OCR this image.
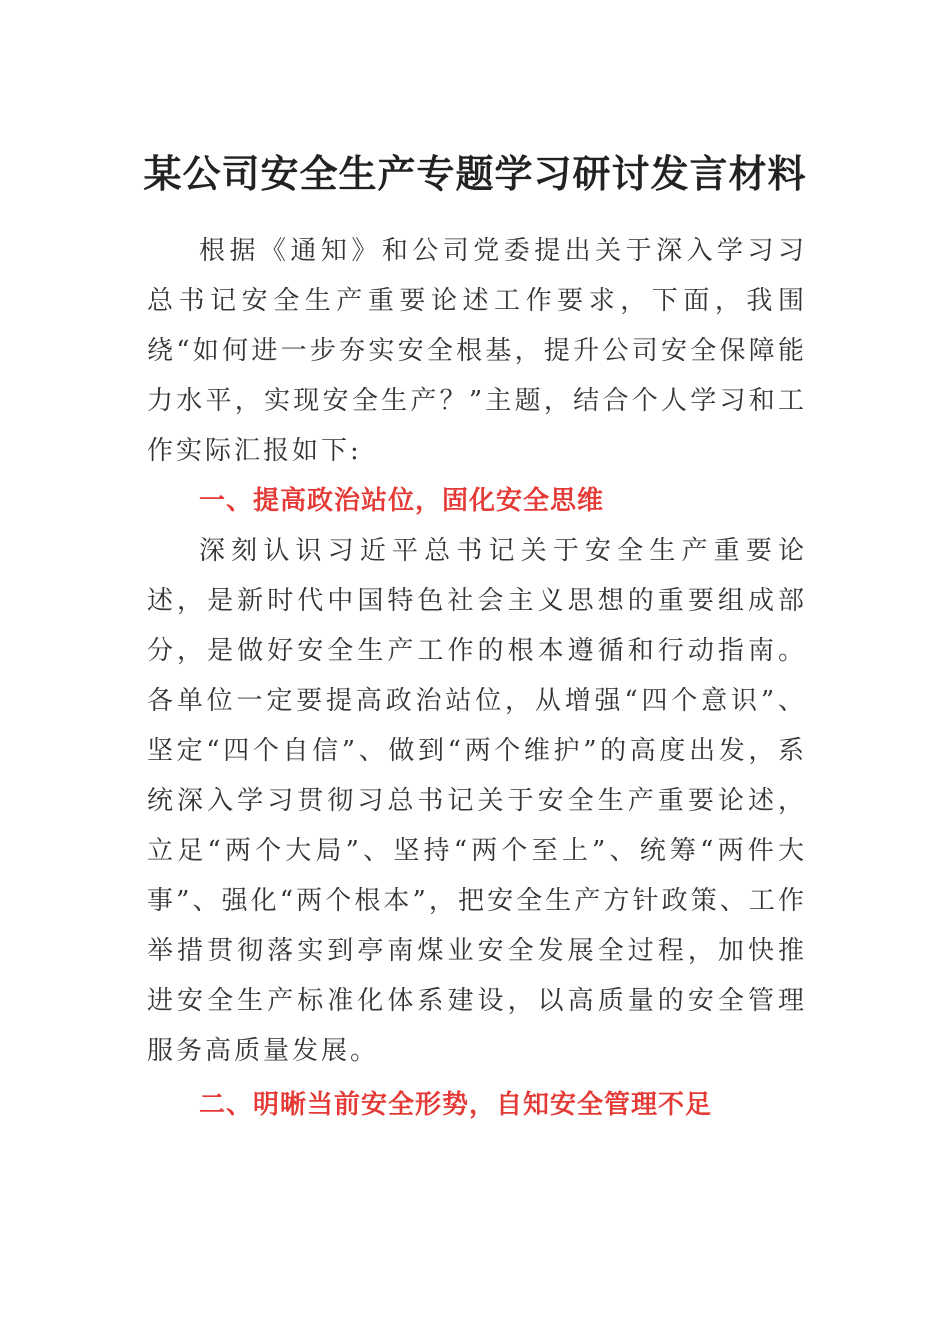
某公司安全生产专题学习研讨发言材料

根据《通知》和公司党委提出关于深入学习习总书记安全生产重要论述工作要求，下面，我围绕“如何进一步夯实安全根基，提升公司安全保障能力水平，实现安全生产？”主题，结合个人学习和工作实际汇报如下:

一、提高政治站位，固化安全思维

深刻认识习近平总书记关于安全生产重要论述，是新时代中国特色社会主义思想的重要组成部分，是做好安全生产工作的根本遵循和行动指南。各单位一定要提高政治站位，从增强“四个意识”、坚定“四个自信”、做到“两个维护”的高度出发，系统深入学习贯彻习总书记关于安全生产重要论述，立足“两个大局”、坚持“两个至上”、统筹“两件大事”、强化“两个根本”，把安全生产方针政策、工作举措贯彻落实到亭南煤业安全发展全过程，加快推进安全生产标准化体系建设，以高质量的安全管理服务高质量发展。

二、明晰当前安全形势，自知安全管理不足
